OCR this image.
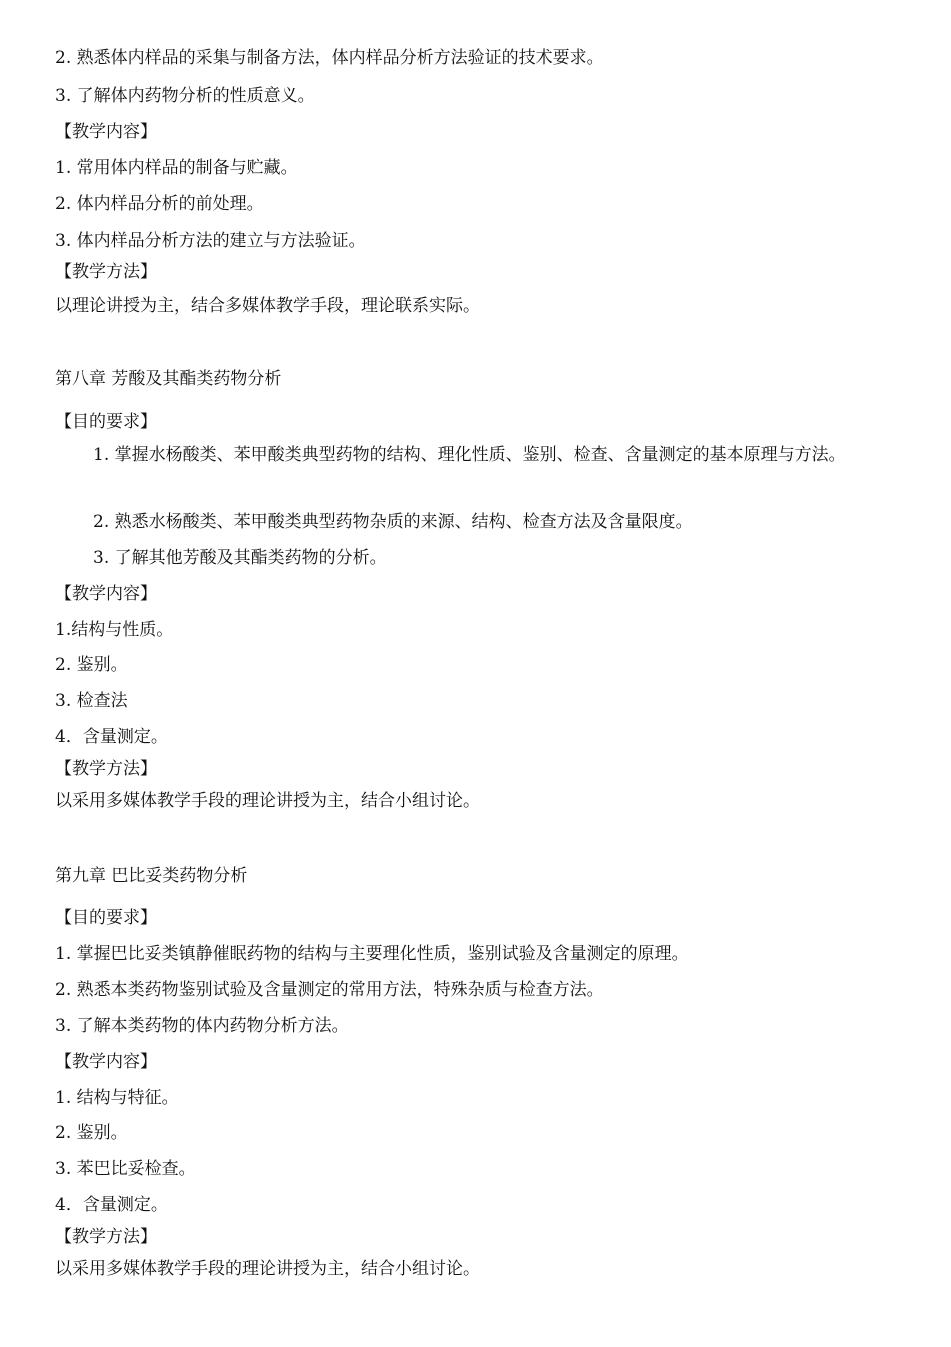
2. 熟悉体内样品的采集与制备方法，体内样品分析方法验证的技术要求。

3. 了解体内药物分析的性质意义。

【教学内容】

1. 常用体内样品的制备与贮藏。

2. 体内样品分析的前处理。

3. 体内样品分析方法的建立与方法验证。

【教学方法】

以理论讲授为主，结合多媒体教学手段，理论联系实际。

第八章 芳酸及其酯类药物分析

【目的要求】

1. 掌握水杨酸类、苯甲酸类典型药物的结构、理化性质、鉴别、检查、含量测定的基本原理与方法。

2. 熟悉水杨酸类、苯甲酸类典型药物杂质的来源、结构、检查方法及含量限度。

3. 了解其他芳酸及其酯类药物的分析。

【教学内容】

1.结构与性质。

2. 鉴别。

3. 检查法

4．含量测定。

【教学方法】

以采用多媒体教学手段的理论讲授为主，结合小组讨论。

第九章 巴比妥类药物分析

【目的要求】

1. 掌握巴比妥类镇静催眠药物的结构与主要理化性质，鉴别试验及含量测定的原理。

2. 熟悉本类药物鉴别试验及含量测定的常用方法，特殊杂质与检查方法。

3. 了解本类药物的体内药物分析方法。

【教学内容】

1. 结构与特征。

2. 鉴别。

3. 苯巴比妥检查。

4．含量测定。

【教学方法】

以采用多媒体教学手段的理论讲授为主，结合小组讨论。
